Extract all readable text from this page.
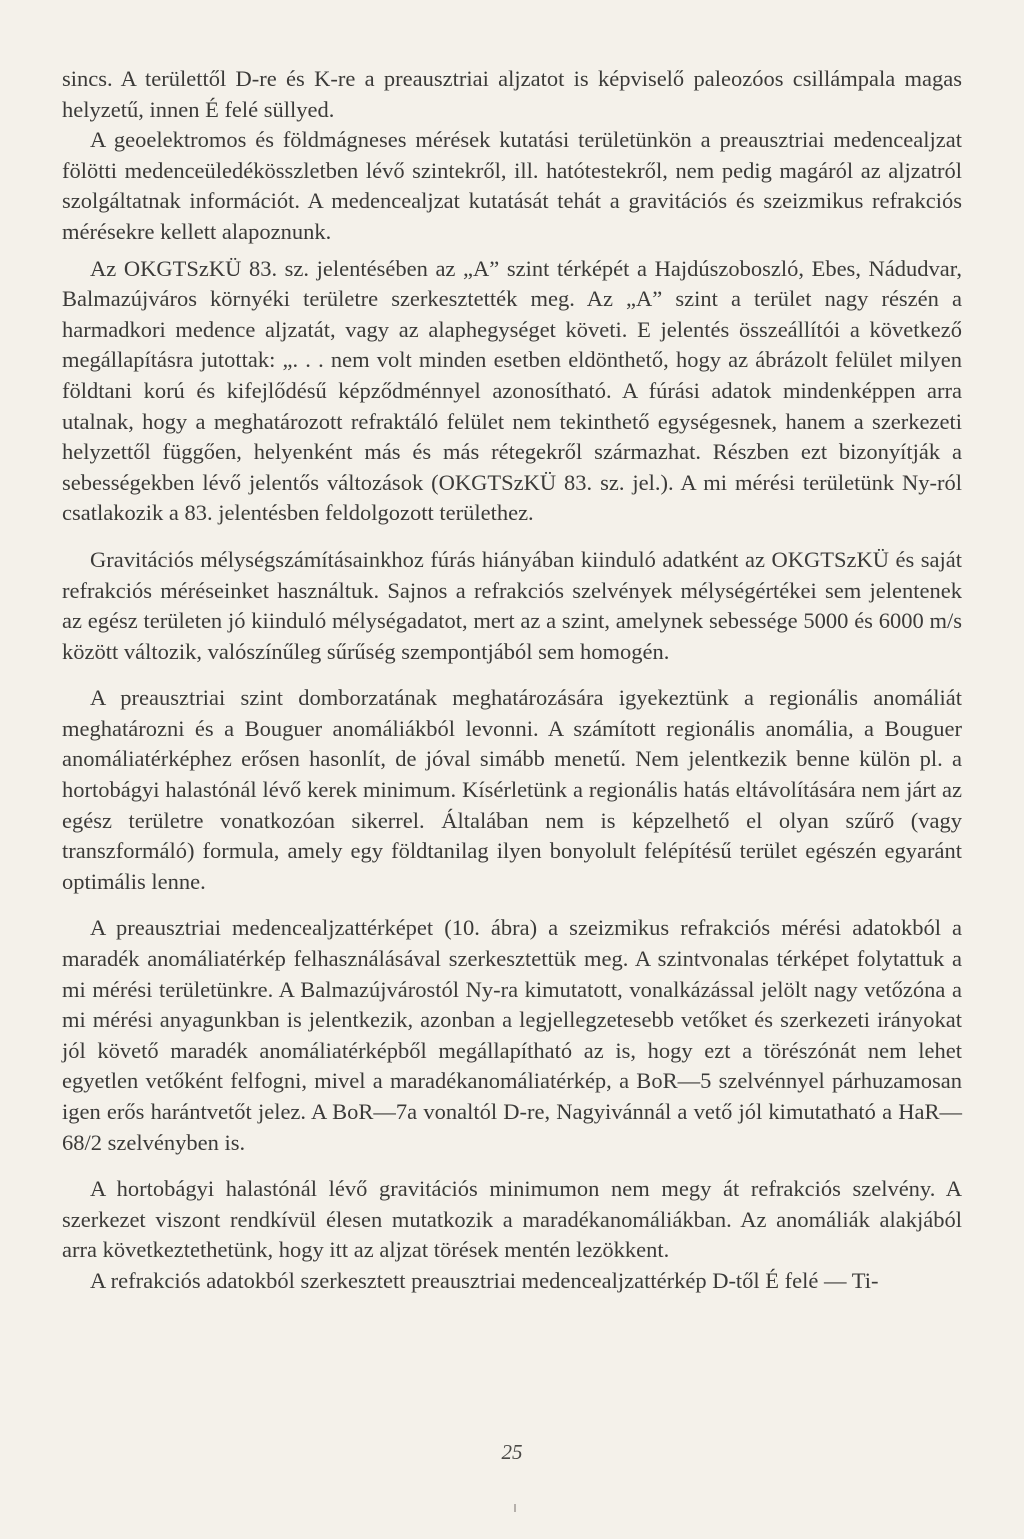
sincs. A területtől D-re és K-re a preausztriai aljzatot is képviselő paleozóos csillámpala magas helyzetű, innen É felé süllyed.

A geoelektromos és földmágneses mérések kutatási területünkön a preausztriai medencealjzat fölötti medenceüledékösszletben lévő szintekről, ill. hatótestekről, nem pedig magáról az aljzatról szolgáltatnak információt. A medencealjzat kutatását tehát a gravitációs és szeizmikus refrakciós mérésekre kellett alapoznunk.

Az OKGTSzKÜ 83. sz. jelentésében az „A” szint térképét a Hajdúszoboszló, Ebes, Nádudvar, Balmazújváros környéki területre szerkesztették meg. Az „A” szint a terület nagy részén a harmadkori medence aljzatát, vagy az alaphegységet követi. E jelentés összeállítói a következő megállapításra jutottak: „. . . nem volt minden esetben eldönthető, hogy az ábrázolt felület milyen földtani korú és kifejlődésű képződménnyel azonosítható. A fúrási adatok mindenképpen arra utalnak, hogy a meghatározott refraktáló felület nem tekinthető egységesnek, hanem a szerkezeti helyzettől függően, helyenként más és más rétegekről származhat. Részben ezt bizonyítják a sebességekben lévő jelentős változások (OKGTSzKÜ 83. sz. jel.). A mi mérési területünk Ny-ról csatlakozik a 83. jelentésben feldolgozott területhez.

Gravitációs mélységszámításainkhoz fúrás hiányában kiinduló adatként az OKGTSzKÜ és saját refrakciós méréseinket használtuk. Sajnos a refrakciós szelvények mélységértékei sem jelentenek az egész területen jó kiinduló mélységadatot, mert az a szint, amelynek sebessége 5000 és 6000 m/s között változik, valószínűleg sűrűség szempontjából sem homogén.

A preausztriai szint domborzatának meghatározására igyekeztünk a regionális anomáliát meghatározni és a Bouguer anomáliákból levonni. A számított regionális anomália, a Bouguer anomáliatérképhez erősen hasonlít, de jóval simább menetű. Nem jelentkezik benne külön pl. a hortobágyi halastónál lévő kerek minimum. Kísérletünk a regionális hatás eltávolítására nem járt az egész területre vonatkozóan sikerrel. Általában nem is képzelhető el olyan szűrő (vagy transzformáló) formula, amely egy földtanilag ilyen bonyolult felépítésű terület egészén egyaránt optimális lenne.

A preausztriai medencealjzattérképet (10. ábra) a szeizmikus refrakciós mérési adatokból a maradék anomáliatérkép felhasználásával szerkesztettük meg. A szintvonalas térképet folytattuk a mi mérési területünkre. A Balmazújvárostól Ny-ra kimutatott, vonalkázással jelölt nagy vetőzóna a mi mérési anyagunkban is jelentkezik, azonban a legjellegzetesebb vetőket és szerkezeti irányokat jól követő maradék anomáliatérképből megállapítható az is, hogy ezt a törészónát nem lehet egyetlen vetőként felfogni, mivel a maradékanomáliatérkép, a BoR—5 szelvénnyel párhuzamosan igen erős harántvetőt jelez. A BoR—7a vonaltól D-re, Nagyivánnál a vető jól kimutatható a HaR—68/2 szelvényben is.

A hortobágyi halastónál lévő gravitációs minimumon nem megy át refrakciós szelvény. A szerkezet viszont rendkívül élesen mutatkozik a maradékanomáliákban. Az anomáliák alakjából arra következtethetünk, hogy itt az aljzat törések mentén lezökkent.

A refrakciós adatokból szerkesztett preausztriai medencealjzattérkép D-től É felé — Ti-

25
